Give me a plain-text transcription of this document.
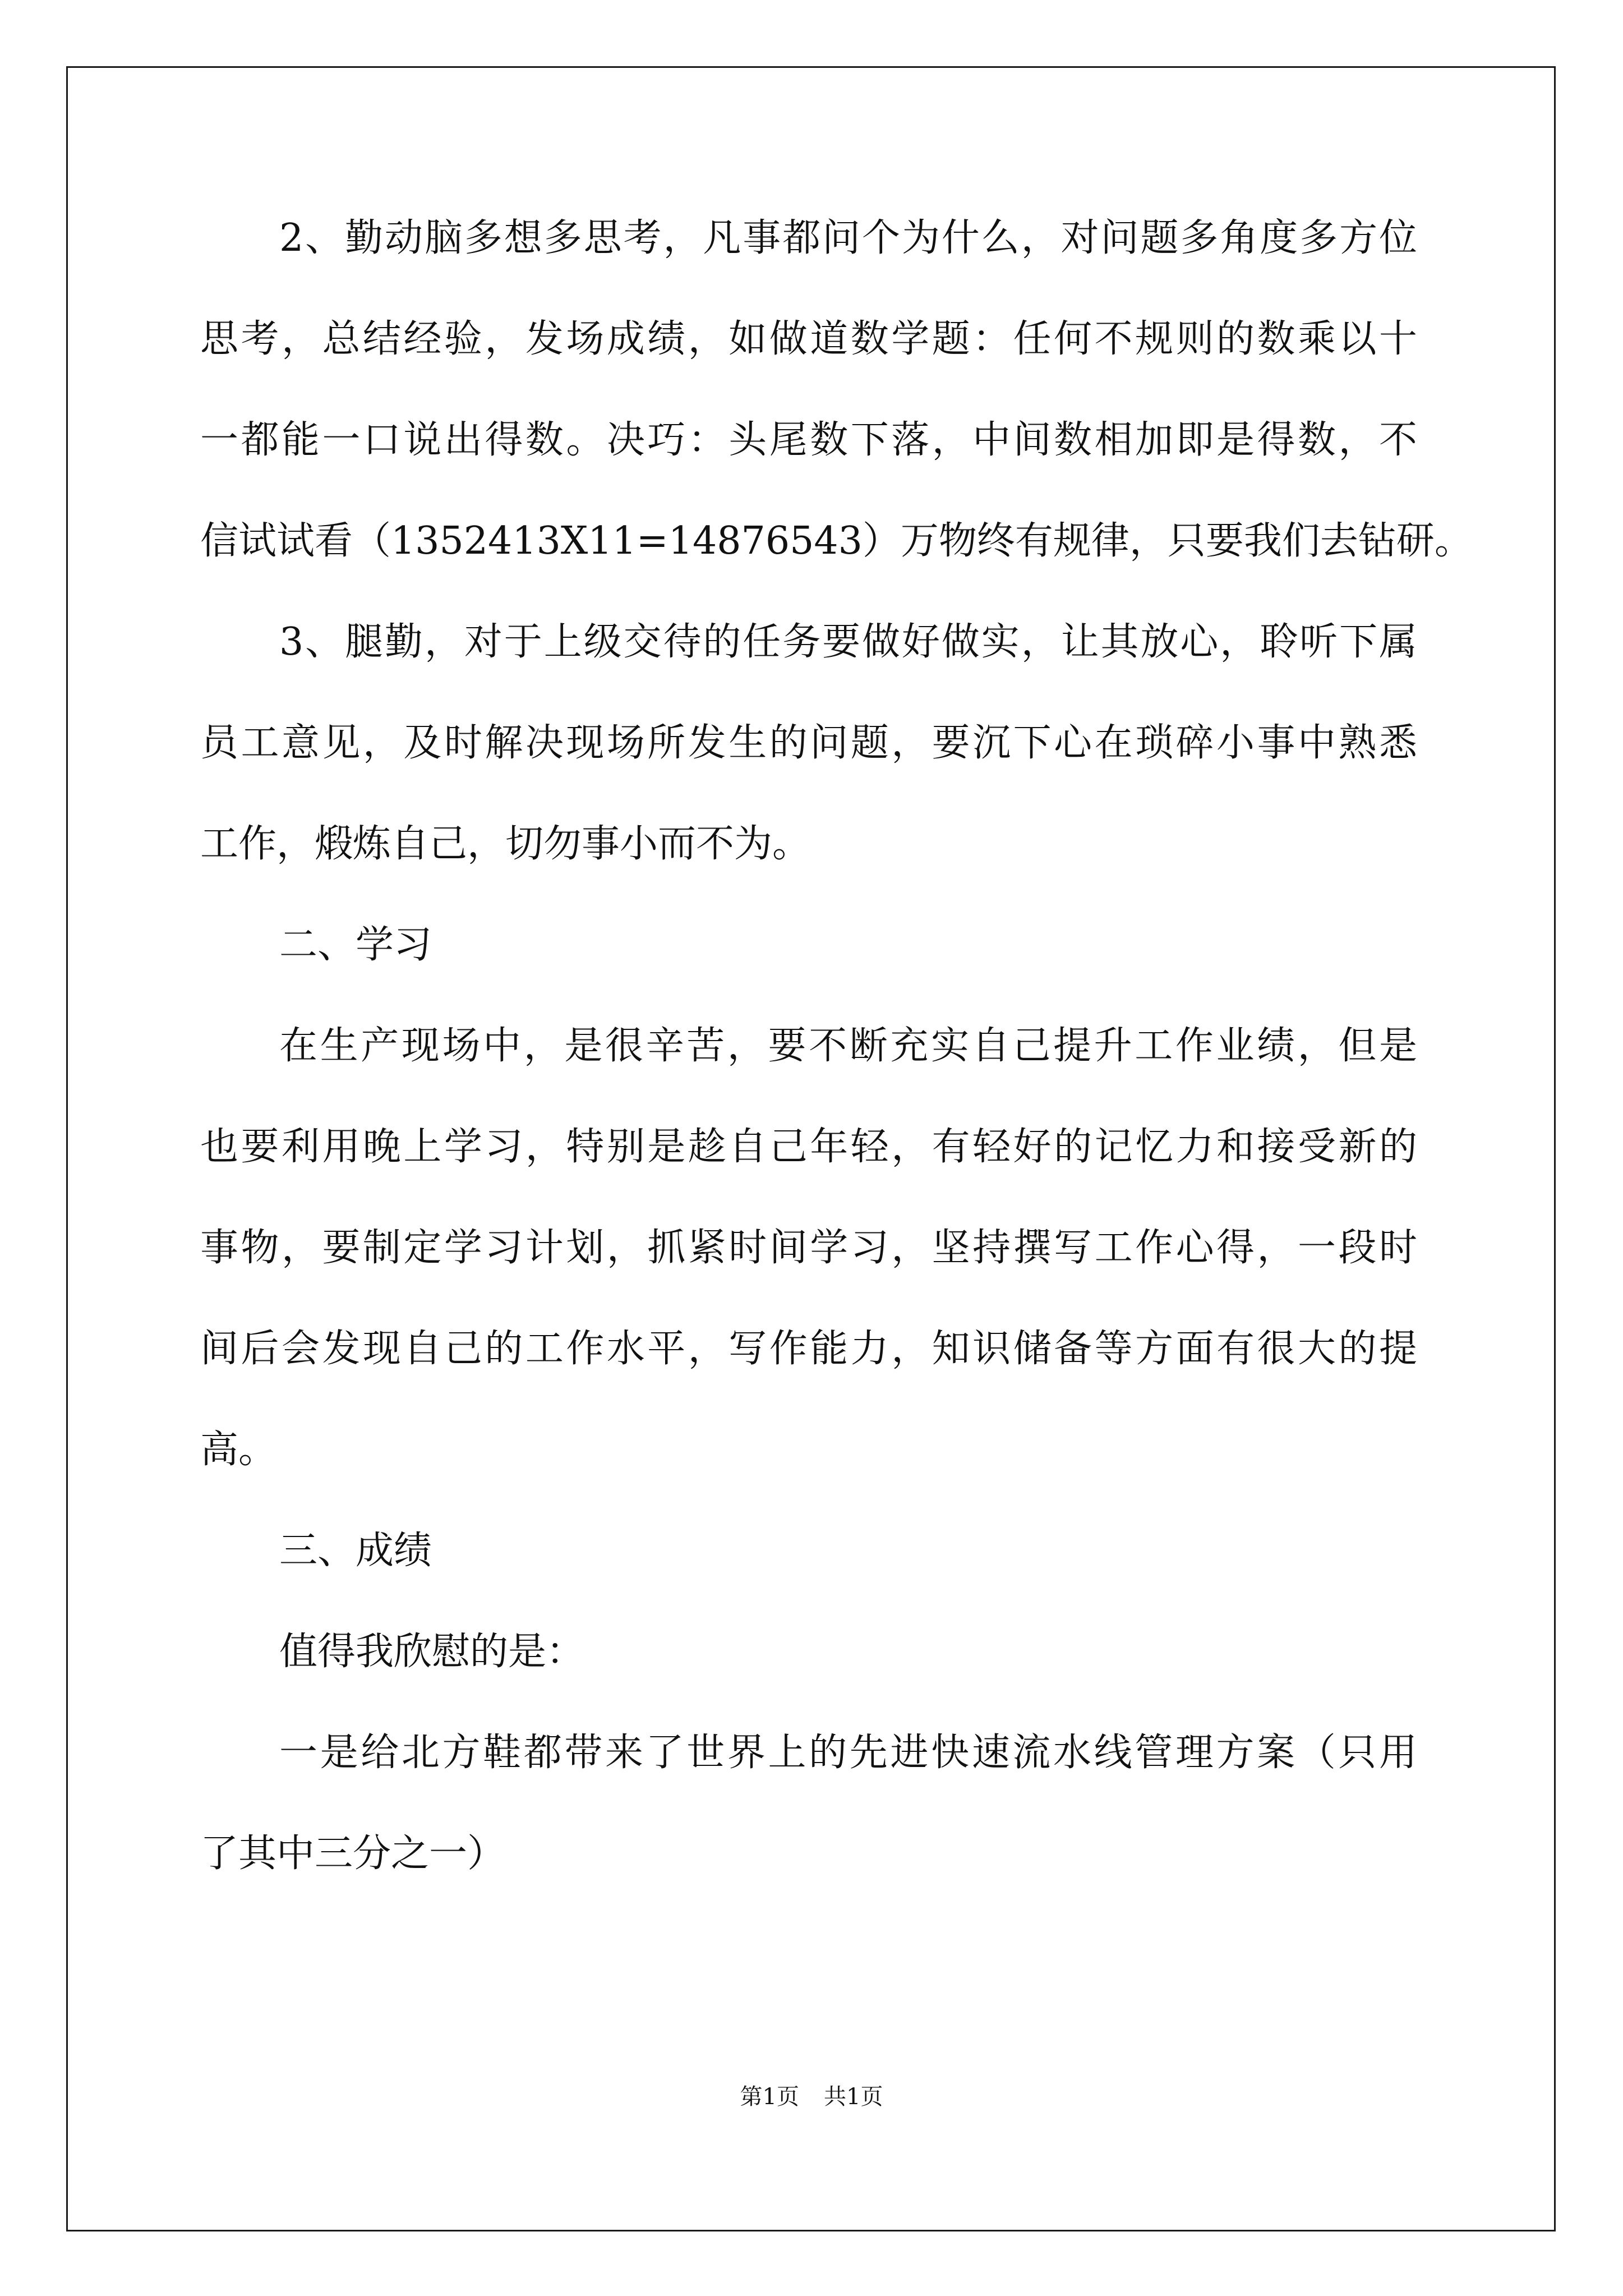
2、勤动脑多想多思考，凡事都问个为什么，对问题多角度多方位
思考，总结经验，发场成绩，如做道数学题：任何不规则的数乘以十
一都能一口说出得数。决巧：头尾数下落，中间数相加即是得数，不
信试试看（1352413X11=14876543）万物终有规律，只要我们去钻研。
3、腿勤，对于上级交待的任务要做好做实，让其放心，聆听下属
员工意见，及时解决现场所发生的问题，要沉下心在琐碎小事中熟悉
工作，煅炼自己，切勿事小而不为。
二、学习
在生产现场中，是很辛苦，要不断充实自己提升工作业绩，但是
也要利用晚上学习，特别是趁自己年轻，有轻好的记忆力和接受新的
事物，要制定学习计划，抓紧时间学习，坚持撰写工作心得，一段时
间后会发现自己的工作水平，写作能力，知识储备等方面有很大的提
高。
三、成绩
值得我欣慰的是：
一是给北方鞋都带来了世界上的先进快速流水线管理方案（只用
了其中三分之一）
第1页 共1页
